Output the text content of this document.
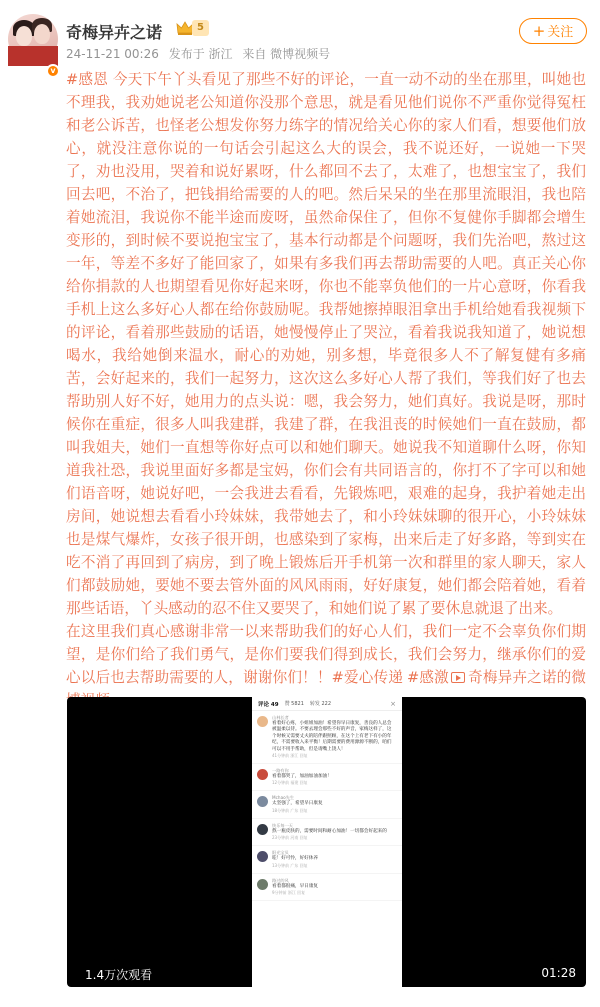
v
奇梅异卉之诺	5
24-11-21 00:26 发布于 浙江 来自 微博视频号
+ 关注

#感恩 今天下午丫头看见了那些不好的评论，一直一动不动的坐在那里，叫她也不理我，我劝她说老公知道你没那个意思，就是看见他们说你不严重你觉得冤枉和老公诉苦，也怪老公想发你努力练字的情况给关心你的家人们看，想要他们放心，就没注意你说的一句话会引起这么大的误会，我不说还好，一说她一下哭了，劝也没用，哭着和说好累呀，什么都回不去了，太难了，也想宝宝了，我们回去吧，不治了，把钱捐给需要的人的吧。然后呆呆的坐在那里流眼泪，我也陪着她流泪，我说你不能半途而废呀，虽然命保住了，但你不复健你手脚都会增生变形的，到时候不要说抱宝宝了，基本行动都是个问题呀，我们先治吧，熬过这一年，等差不多好了能回家了，如果有多我们再去帮助需要的人吧。真正关心你给你捐款的人也期望看见你好起来呀，你也不能辜负他们的一片心意呀，你看我手机上这么多好心人都在给你鼓励呢。我帮她擦掉眼泪拿出手机给她看我视频下的评论，看着那些鼓励的话语，她慢慢停止了哭泣，看着我说我知道了，她说想喝水，我给她倒来温水，耐心的劝她，别多想，毕竟很多人不了解复健有多痛苦，会好起来的，我们一起努力，这次这么多好心人帮了我们，等我们好了也去帮助别人好不好，她用力的点头说：嗯，我会努力，她们真好。我说是呀，那时候你在重症，很多人叫我建群，我建了群，在我沮丧的时候她们一直在鼓励，都叫我姐夫，她们一直想等你好点可以和她们聊天。她说我不知道聊什么呀，你知道我社恐，我说里面好多都是宝妈，你们会有共同语言的，你打不了字可以和她们语音呀，她说好吧，一会我进去看看，先锻炼吧，艰难的起身，我护着她走出房间，她说想去看看小玲妹妹，我带她去了，和小玲妹妹聊的很开心，小玲妹妹也是煤气爆炸，女孩子很开朗，也感染到了家梅，出来后走了好多路，等到实在吃不消了再回到了病房，到了晚上锻炼后开手机第一次和群里的家人聊天，家人们都鼓励她，要她不要去管外面的风风雨雨，好好康复，她们都会陪着她，看着那些话语，丫头感动的忍不住又要哭了，和她们说了累了要休息就退了出来。

在这里我们真心感谢非常一以来帮助我们的好心人们，我们一定不会辜负你们期望，是你们给了我们勇气，是你们要我们得到成长，我们会努力，继承你们的爱心以后也去帮助需要的人，谢谢你们！！#爱心传递 #感激 奇梅异卉之诺的微

评论 49 赞 5821 转发 222	×
山林长者
看着好心疼，小姐姐加油！希望你早日康复，善良的人总会被温柔以待。不要去理会那些不好的声音，家梅这样了，这个时候又需要丈夫的陪伴跟照顾，在这个上有老下有小的年纪，不需要收入来平衡！后期需要的费用源源不断的，咱们可以不用手帮助，但是请嘴上饶人！
41分钟前 浙江 回复
一路有你
看着都哭了，加油加油加油！
12分钟前 福建 回复
Mchao先生
太坚强了，希望早日康复
18分钟前 广东 回复
快乐每一天
熬一瓶皮肤的，需要时间和耐心加油！一切都会好起来的
23分钟前 河南 回复
阳光宝贝
哇！好可怜，好好休养
13分钟前 广东 回复
路过的风
看着都很痛，早日康复
9分钟前 浙江 回复
1.4万次观看	01:28
